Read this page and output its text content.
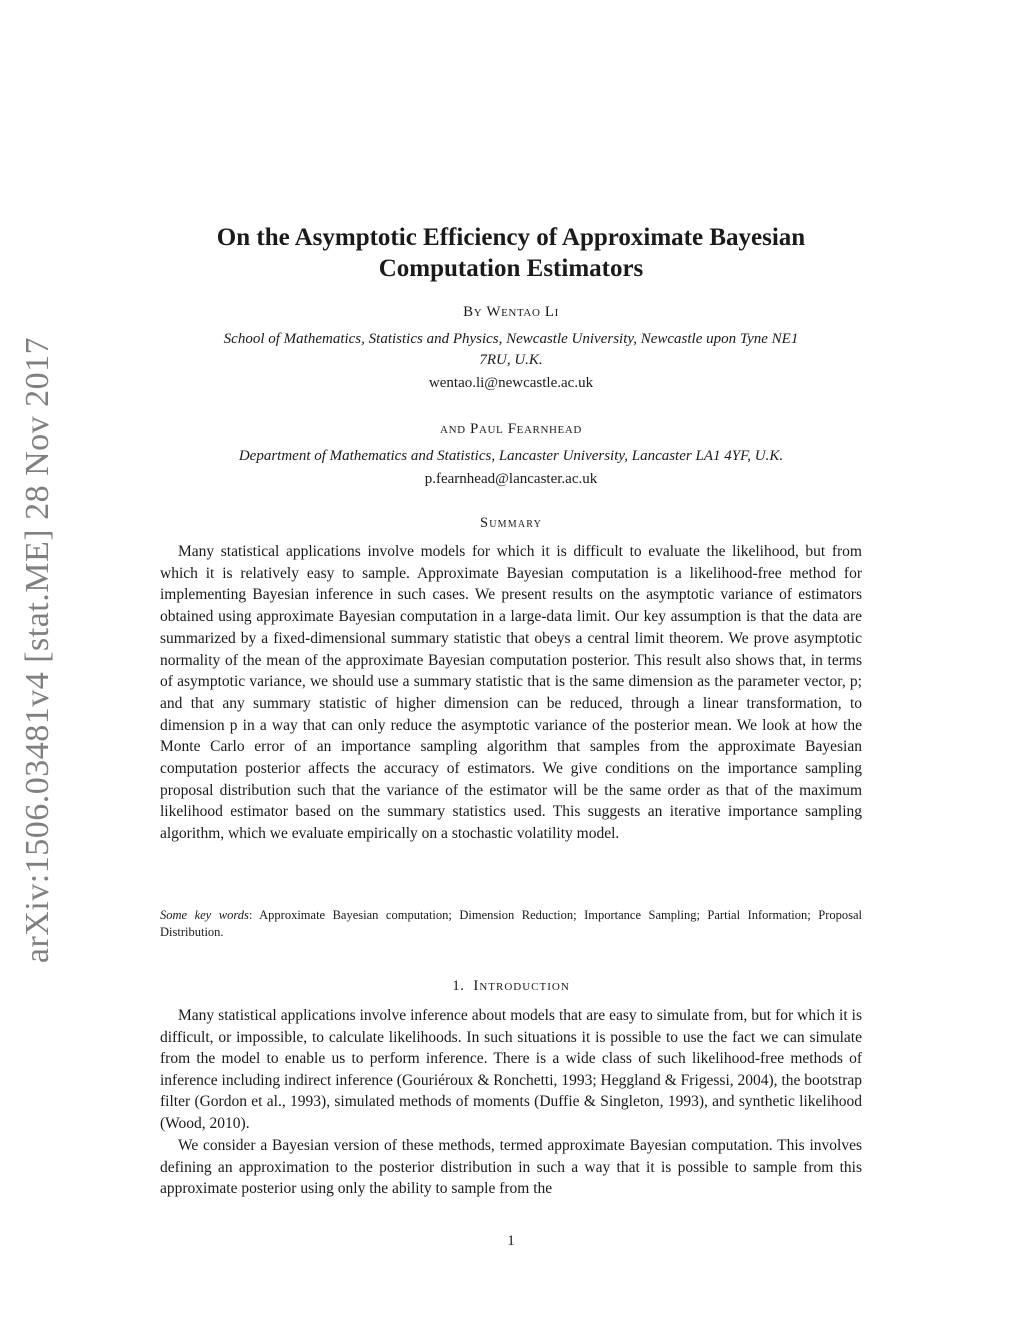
arXiv:1506.03481v4 [stat.ME] 28 Nov 2017
On the Asymptotic Efficiency of Approximate Bayesian
Computation Estimators
By Wentao Li
School of Mathematics, Statistics and Physics, Newcastle University, Newcastle upon Tyne NE1
7RU, U.K.
wentao.li@newcastle.ac.uk
and Paul Fearnhead
Department of Mathematics and Statistics, Lancaster University, Lancaster LA1 4YF, U.K.
p.fearnhead@lancaster.ac.uk
Summary
Many statistical applications involve models for which it is difficult to evaluate the likelihood, but from which it is relatively easy to sample. Approximate Bayesian computation is a likelihood-free method for implementing Bayesian inference in such cases. We present results on the asymptotic variance of estimators obtained using approximate Bayesian computation in a large-data limit. Our key assumption is that the data are summarized by a fixed-dimensional summary statistic that obeys a central limit theorem. We prove asymptotic normality of the mean of the approximate Bayesian computation posterior. This result also shows that, in terms of asymptotic variance, we should use a summary statistic that is the same dimension as the parameter vector, p; and that any summary statistic of higher dimension can be reduced, through a linear transformation, to dimension p in a way that can only reduce the asymptotic variance of the posterior mean. We look at how the Monte Carlo error of an importance sampling algorithm that samples from the approximate Bayesian computation posterior affects the accuracy of estimators. We give conditions on the importance sampling proposal distribution such that the variance of the estimator will be the same order as that of the maximum likelihood estimator based on the summary statistics used. This suggests an iterative importance sampling algorithm, which we evaluate empirically on a stochastic volatility model.
Some key words: Approximate Bayesian computation; Dimension Reduction; Importance Sampling; Partial Information; Proposal Distribution.
1. Introduction
Many statistical applications involve inference about models that are easy to simulate from, but for which it is difficult, or impossible, to calculate likelihoods. In such situations it is possible to use the fact we can simulate from the model to enable us to perform inference. There is a wide class of such likelihood-free methods of inference including indirect inference (Gouriéroux & Ronchetti, 1993; Heggland & Frigessi, 2004), the bootstrap filter (Gordon et al., 1993), simulated methods of moments (Duffie & Singleton, 1993), and synthetic likelihood (Wood, 2010).
We consider a Bayesian version of these methods, termed approximate Bayesian computation. This involves defining an approximation to the posterior distribution in such a way that it is possible to sample from this approximate posterior using only the ability to sample from the
1
